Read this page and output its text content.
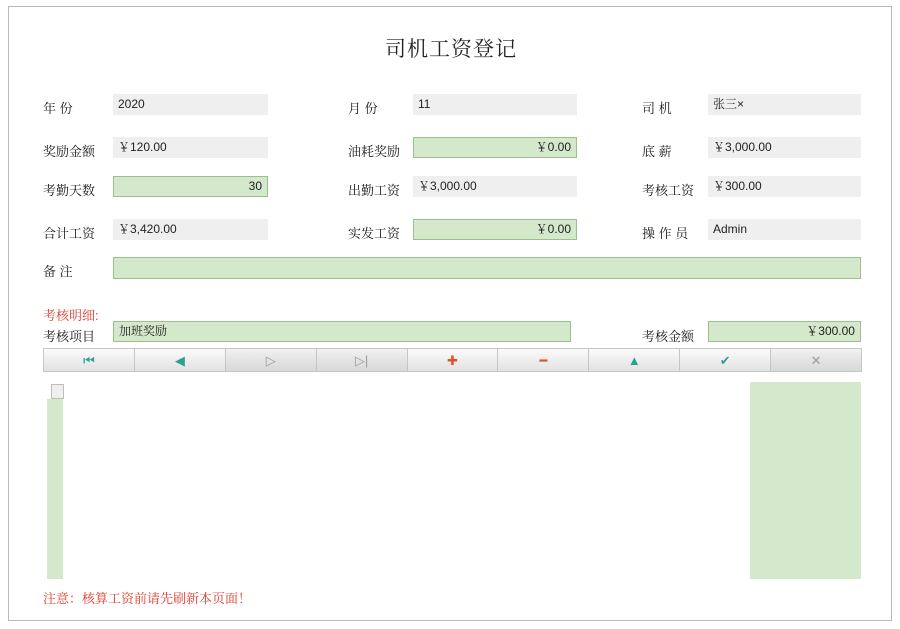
司机工资登记
年 份	2020	月 份	11	司 机	张三×
奖励金额	￥120.00	油耗奖励	￥0.00	底 薪	￥3,000.00
考勤天数	30	出勤工资	￥3,000.00	考核工资	￥300.00
合计工资	￥3,420.00	实发工资	￥0.00	操 作 员	Admin
备 注
考核明细:
考核项目	加班奖励	考核金额	￥300.00
⏮	◀	▷	▷|	✚	━	▲	✔	✕
注意：核算工资前请先刷新本页面！
